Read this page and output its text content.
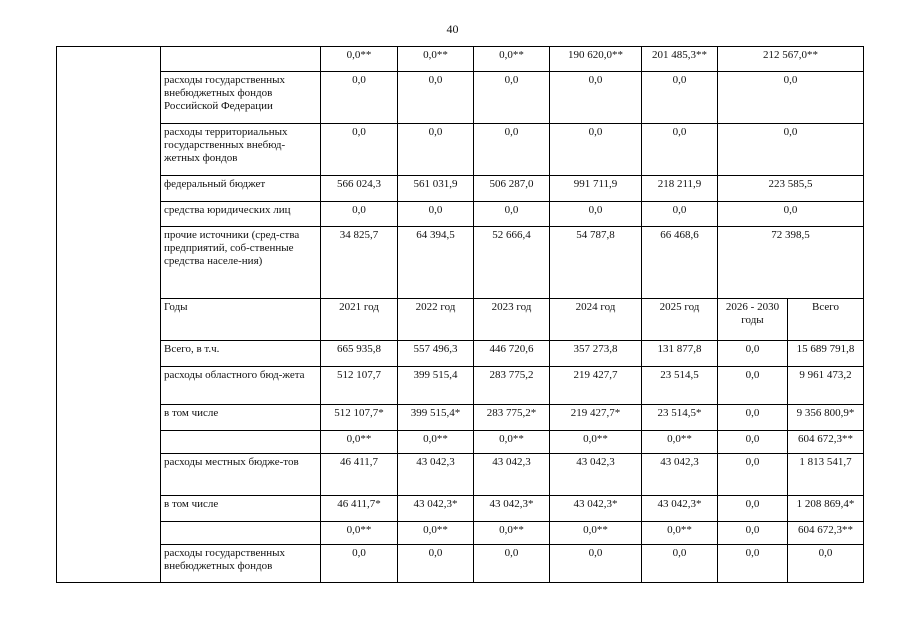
40
		0,0**	0,0**	0,0**	190 620,0**	201 485,3**	212 567,0**	
	расходы государственных внебюджетных фондов Российской Федерации	0,0	0,0	0,0	0,0	0,0	0,0	
	расходы территориальных государственных внебюд-жетных фондов	0,0	0,0	0,0	0,0	0,0	0,0	
	федеральный бюджет	566 024,3	561 031,9	506 287,0	991 711,9	218 211,9	223 585,5	
	средства юридических лиц	0,0	0,0	0,0	0,0	0,0	0,0	
	прочие источники (сред-ства предприятий, соб-ственные средства населе-ния)	34 825,7	64 394,5	52 666,4	54 787,8	66 468,6	72 398,5	
	Годы	2021 год	2022 год	2023 год	2024 год	2025 год	2026 - 2030 годы	Всего
	Всего, в т.ч.	665 935,8	557 496,3	446 720,6	357 273,8	131 877,8	0,0	15 689 791,8
	расходы областного бюд-жета	512 107,7	399 515,4	283 775,2	219 427,7	23 514,5	0,0	9 961 473,2
	в том числе	512 107,7*	399 515,4*	283 775,2*	219 427,7*	23 514,5*	0,0	9 356 800,9*
		0,0**	0,0**	0,0**	0,0**	0,0**	0,0	604 672,3**
	расходы местных бюдже-тов	46 411,7	43 042,3	43 042,3	43 042,3	43 042,3	0,0	1 813 541,7
	в том числе	46 411,7*	43 042,3*	43 042,3*	43 042,3*	43 042,3*	0,0	1 208 869,4*
		0,0**	0,0**	0,0**	0,0**	0,0**	0,0	604 672,3**
	расходы государственных внебюджетных фондов	0,0	0,0	0,0	0,0	0,0	0,0	0,0
